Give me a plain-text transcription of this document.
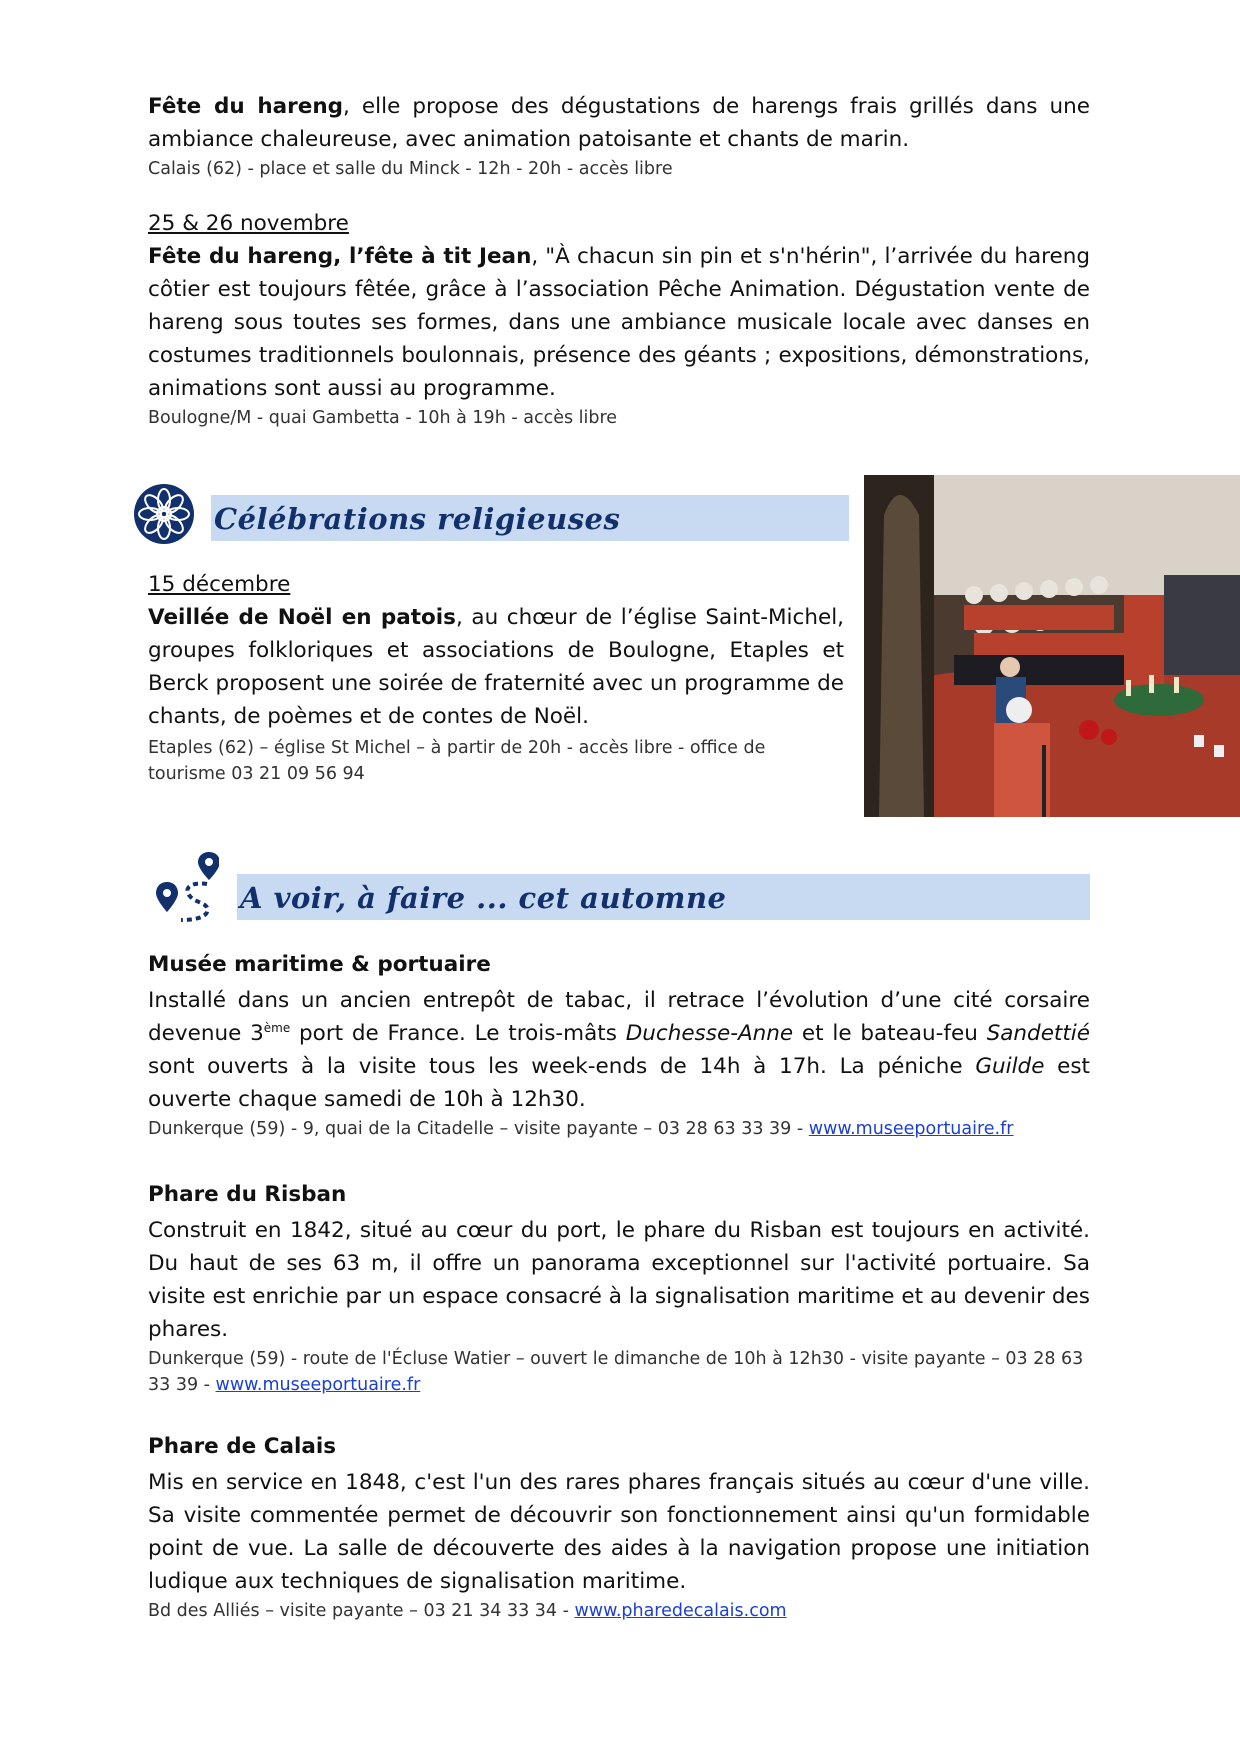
Fête du hareng, elle propose des dégustations de harengs frais grillés dans une ambiance chaleureuse, avec animation patoisante et chants de marin.

Calais (62) - place et salle du Minck - 12h - 20h - accès libre

25 & 26 novembre

Fête du hareng, l’fête à tit Jean, "À chacun sin pin et s'n'hérin", l’arrivée du hareng côtier est toujours fêtée, grâce à l’association Pêche Animation. Dégustation vente de hareng sous toutes ses formes, dans une ambiance musicale locale avec danses en costumes traditionnels boulonnais, présence des géants ; expositions, démonstrations, animations sont aussi au programme.

Boulogne/M - quai Gambetta - 10h à 19h - accès libre

Célébrations religieuses

15 décembre

Veillée de Noël en patois, au chœur de l’église Saint-Michel, groupes folkloriques et associations de Boulogne, Etaples et Berck proposent une soirée de fraternité avec un programme de chants, de poèmes et de contes de Noël.

Etaples (62) – église St Michel – à partir de 20h - accès libre - office de tourisme 03 21 09 56 94

A voir, à faire ... cet automne

Musée maritime & portuaire

Installé dans un ancien entrepôt de tabac, il retrace l’évolution d’une cité corsaire devenue 3ème port de France. Le trois-mâts Duchesse-Anne et le bateau-feu Sandettié sont ouverts à la visite tous les week-ends de 14h à 17h. La péniche Guilde est ouverte chaque samedi de 10h à 12h30.

Dunkerque (59) - 9, quai de la Citadelle – visite payante – 03 28 63 33 39 - www.museeportuaire.fr

Phare du Risban

Construit en 1842, situé au cœur du port, le phare du Risban est toujours en activité. Du haut de ses 63 m, il offre un panorama exceptionnel sur l'activité portuaire. Sa visite est enrichie par un espace consacré à la signalisation maritime et au devenir des phares.

Dunkerque (59) - route de l'Écluse Watier – ouvert le dimanche de 10h à 12h30 - visite payante – 03 28 63 33 39 - www.museeportuaire.fr

Phare de Calais

Mis en service en 1848, c'est l'un des rares phares français situés au cœur d'une ville. Sa visite commentée permet de découvrir son fonctionnement ainsi qu'un formidable point de vue. La salle de découverte des aides à la navigation propose une initiation ludique aux techniques de signalisation maritime.

Bd des Alliés – visite payante – 03 21 34 33 34 - www.pharedecalais.com
